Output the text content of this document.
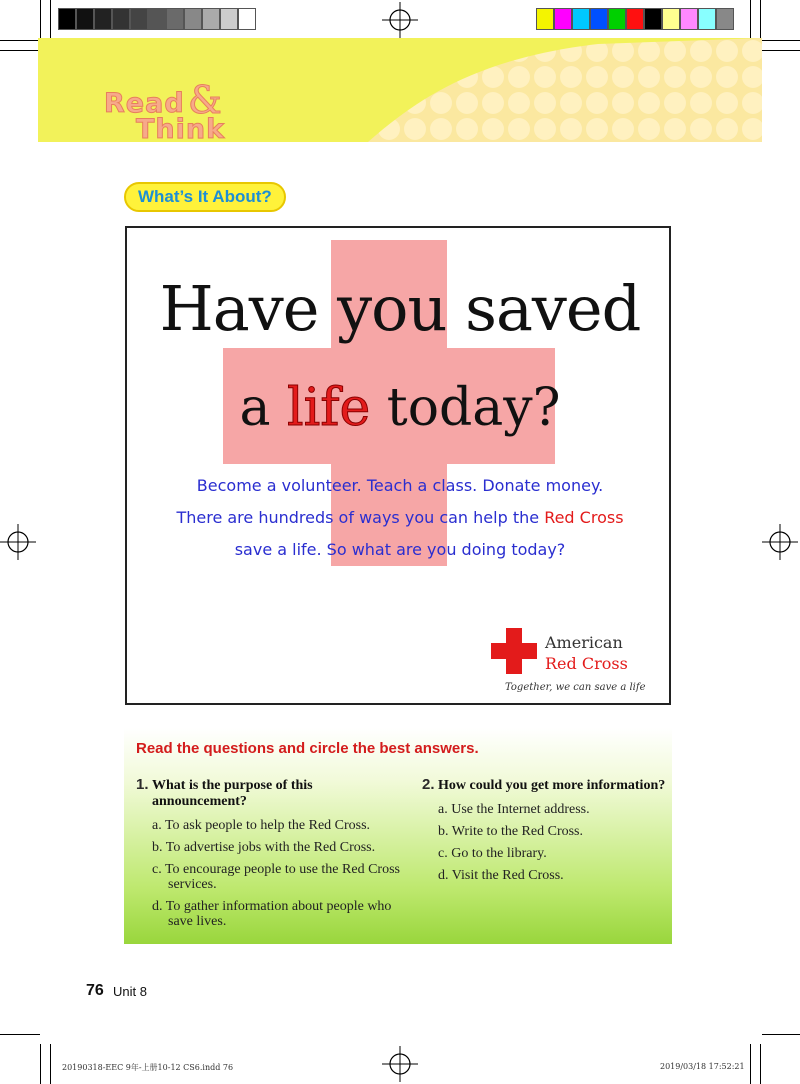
Read &
Think
What’s It About?
Have you saved
a life today?
Become a volunteer. Teach a class. Donate money.
There are hundreds of ways you can help the Red Cross
save a life. So what are you doing today?
American
Red Cross
Together, we can save a life
Read the questions and circle the best answers.
1. What is the purpose of this announcement?
a. To ask people to help the Red Cross.
b. To advertise jobs with the Red Cross.
c. To encourage people to use the Red Cross services.
d. To gather information about people who save lives.
2. How could you get more information?
a. Use the Internet address.
b. Write to the Red Cross.
c. Go to the library.
d. Visit the Red Cross.
76 Unit 8
20190318-EEC 9年-上册10-12 CS6.indd 76	2019/03/18 17:52:21
